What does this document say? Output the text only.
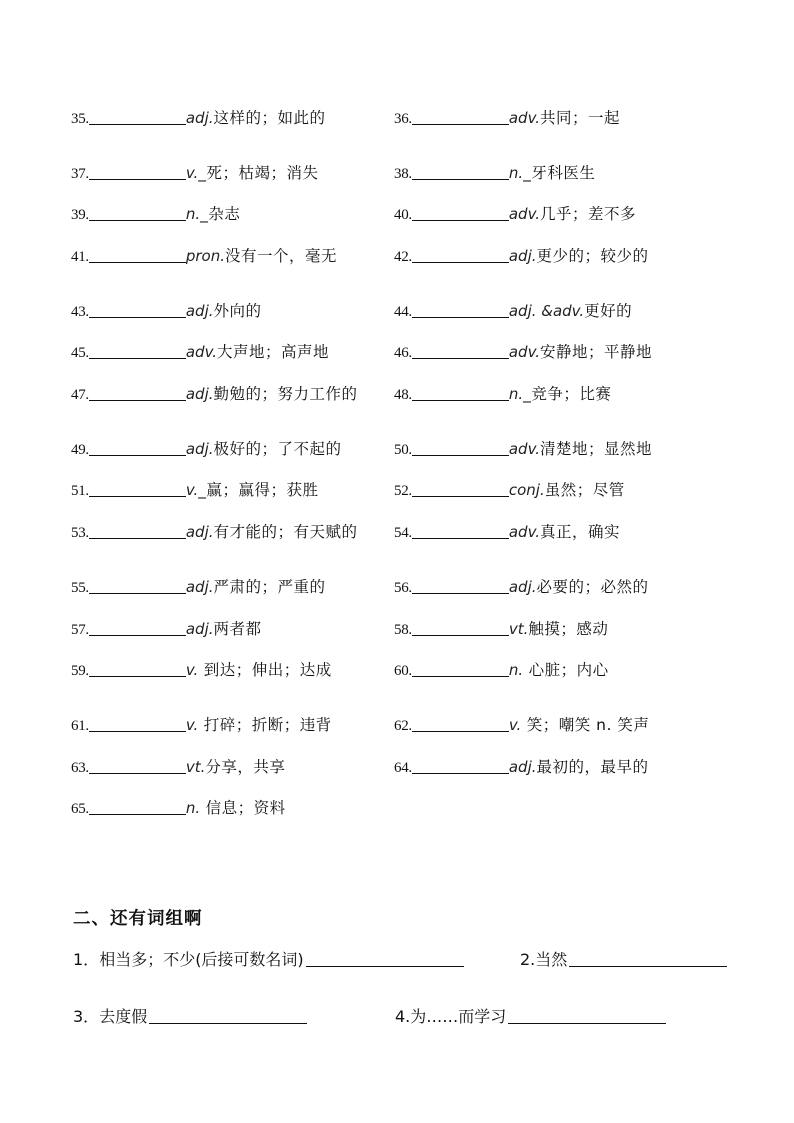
35.	adj.这样的；如此的	36.	adv.共同；一起
37.	v._死；枯竭；消失	38.	n._牙科医生
39.	n._杂志	40.	adv.几乎；差不多
41.	pron.没有一个，毫无	42.	adj.更少的；较少的
43.	adj.外向的	44.	adj. &adv.更好的
45.	adv.大声地；高声地	46.	adv.安静地；平静地
47.	adj.勤勉的；努力工作的 48.	n._竞争；比赛
49.	adj.极好的；了不起的	50.	adv.清楚地；显然地
51.	v._赢；赢得；获胜	52.	conj.虽然；尽管
53.	adj.有才能的；有天赋的 54.	adv.真正，确实
55.	adj.严肃的；严重的	56.	adj.必要的；必然的
57.	adj.两者都	58.	vt.触摸；感动
59.	v. 到达；伸出；达成	60.	n. 心脏；内心
61.	v. 打碎；折断；违背	62.	v. 笑；嘲笑 n. 笑声
63.	vt.分享，共享	64.	adj.最初的，最早的
65.	n. 信息；资料
二、还有词组啊
1．相当多；不少(后接可数名词)	2.当然
3．去度假	4.为……而学习
